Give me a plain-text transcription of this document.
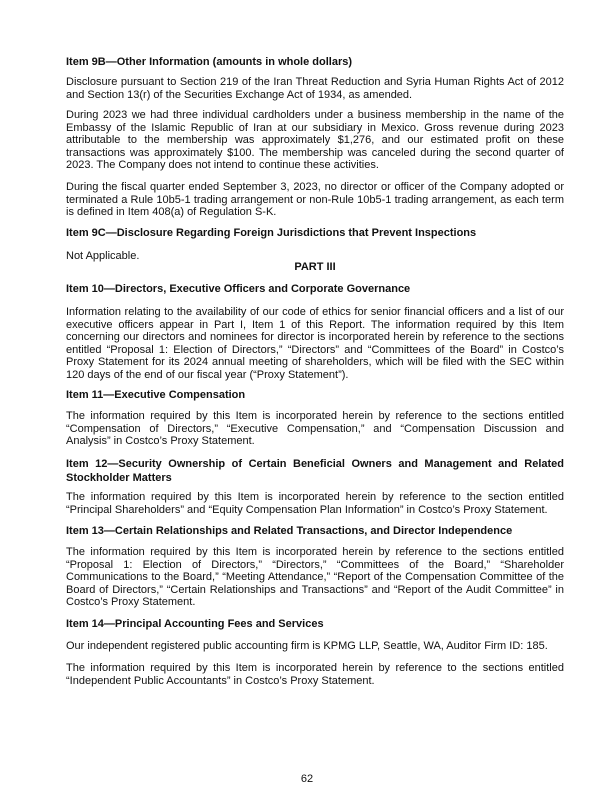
Item 9B—Other Information (amounts in whole dollars)

Disclosure pursuant to Section 219 of the Iran Threat Reduction and Syria Human Rights Act of 2012 and Section 13(r) of the Securities Exchange Act of 1934, as amended.

During 2023 we had three individual cardholders under a business membership in the name of the Embassy of the Islamic Republic of Iran at our subsidiary in Mexico. Gross revenue during 2023 attributable to the membership was approximately $1,276, and our estimated profit on these transactions was approximately $100. The membership was canceled during the second quarter of 2023. The Company does not intend to continue these activities.

During the fiscal quarter ended September 3, 2023, no director or officer of the Company adopted or terminated a Rule 10b5-1 trading arrangement or non-Rule 10b5-1 trading arrangement, as each term is defined in Item 408(a) of Regulation S-K.

Item 9C—Disclosure Regarding Foreign Jurisdictions that Prevent Inspections

Not Applicable.

PART III

Item 10—Directors, Executive Officers and Corporate Governance

Information relating to the availability of our code of ethics for senior financial officers and a list of our executive officers appear in Part I, Item 1 of this Report. The information required by this Item concerning our directors and nominees for director is incorporated herein by reference to the sections entitled “Proposal 1: Election of Directors,” “Directors” and “Committees of the Board” in Costco’s Proxy Statement for its 2024 annual meeting of shareholders, which will be filed with the SEC within 120 days of the end of our fiscal year (“Proxy Statement”).

Item 11—Executive Compensation

The information required by this Item is incorporated herein by reference to the sections entitled “Compensation of Directors,” “Executive Compensation,” and “Compensation Discussion and Analysis” in Costco’s Proxy Statement.

Item 12—Security Ownership of Certain Beneficial Owners and Management and Related Stockholder Matters

The information required by this Item is incorporated herein by reference to the section entitled “Principal Shareholders” and “Equity Compensation Plan Information” in Costco’s Proxy Statement.

Item 13—Certain Relationships and Related Transactions, and Director Independence

The information required by this Item is incorporated herein by reference to the sections entitled “Proposal 1: Election of Directors,” “Directors,” “Committees of the Board,” “Shareholder Communications to the Board,” “Meeting Attendance,” “Report of the Compensation Committee of the Board of Directors,” “Certain Relationships and Transactions” and “Report of the Audit Committee” in Costco’s Proxy Statement.

Item 14—Principal Accounting Fees and Services

Our independent registered public accounting firm is KPMG LLP, Seattle, WA, Auditor Firm ID: 185.

The information required by this Item is incorporated herein by reference to the sections entitled “Independent Public Accountants” in Costco’s Proxy Statement.

62
